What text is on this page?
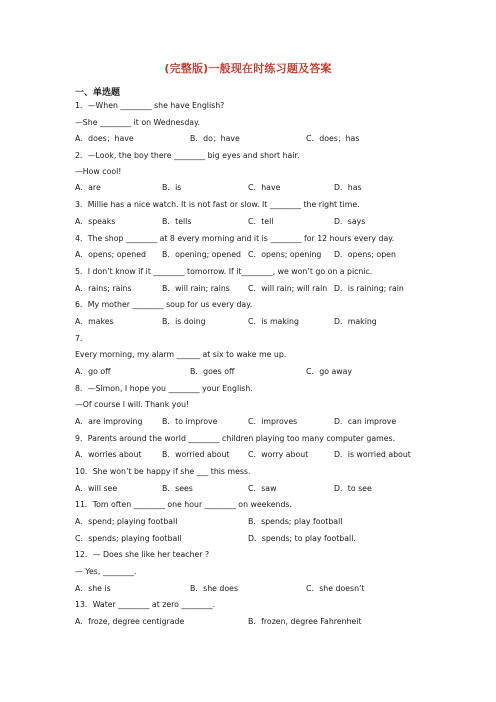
(完整版)一般现在时练习题及答案
一、单选题
1．—When ________ she have English?
—She ________ it on Wednesday.
A．does；have	B．do；have	C．does；has
2．—Look, the boy there ________ big eyes and short hair.
—How cool!
A．are	B．is	C．have	D．has
3．Millie has a nice watch. It is not fast or slow. It ________ the right time.
A．speaks	B．tells	C．tell	D．says
4．The shop ________ at 8 every morning and it is ________ for 12 hours every day.
A．opens; opened B．opening; opened C．opens; opening D．opens; open
5．I don’t know if it ________ tomorrow. If it________, we won’t go on a picnic.
A．rains; rains	B．will rain; rains C．will rain; will rain D．is raining; rain
6．My mother ________ soup for us every day.
A．makes	B．is doing	C．is making	D．making
7．
Every morning, my alarm ______ at six to wake me up.
A．go off	B．goes off	C．go away
8．—Simon, I hope you ________ your English.
—Of course I will. Thank you!
A．are improving	B．to improve	C．improves	D．can improve
9．Parents around the world ________ children playing too many computer games.
A．worries about	B．worried about C．worry about	D．is worried about
10．She won’t be happy if she ___ this mess.
A．will see	B．sees	C．saw	D．to see
11．Tom often ________ one hour ________ on weekends.
A．spend; playing football	B．spends; play football
C．spends; playing football	D．spends; to play football.
12．— Does she like her teacher ?
— Yes, ________.
A．she is	B．she does	C．she doesn’t
13．Water ________ at zero ________.
A．froze, degree centigrade	B．frozen, degree Fahrenheit
